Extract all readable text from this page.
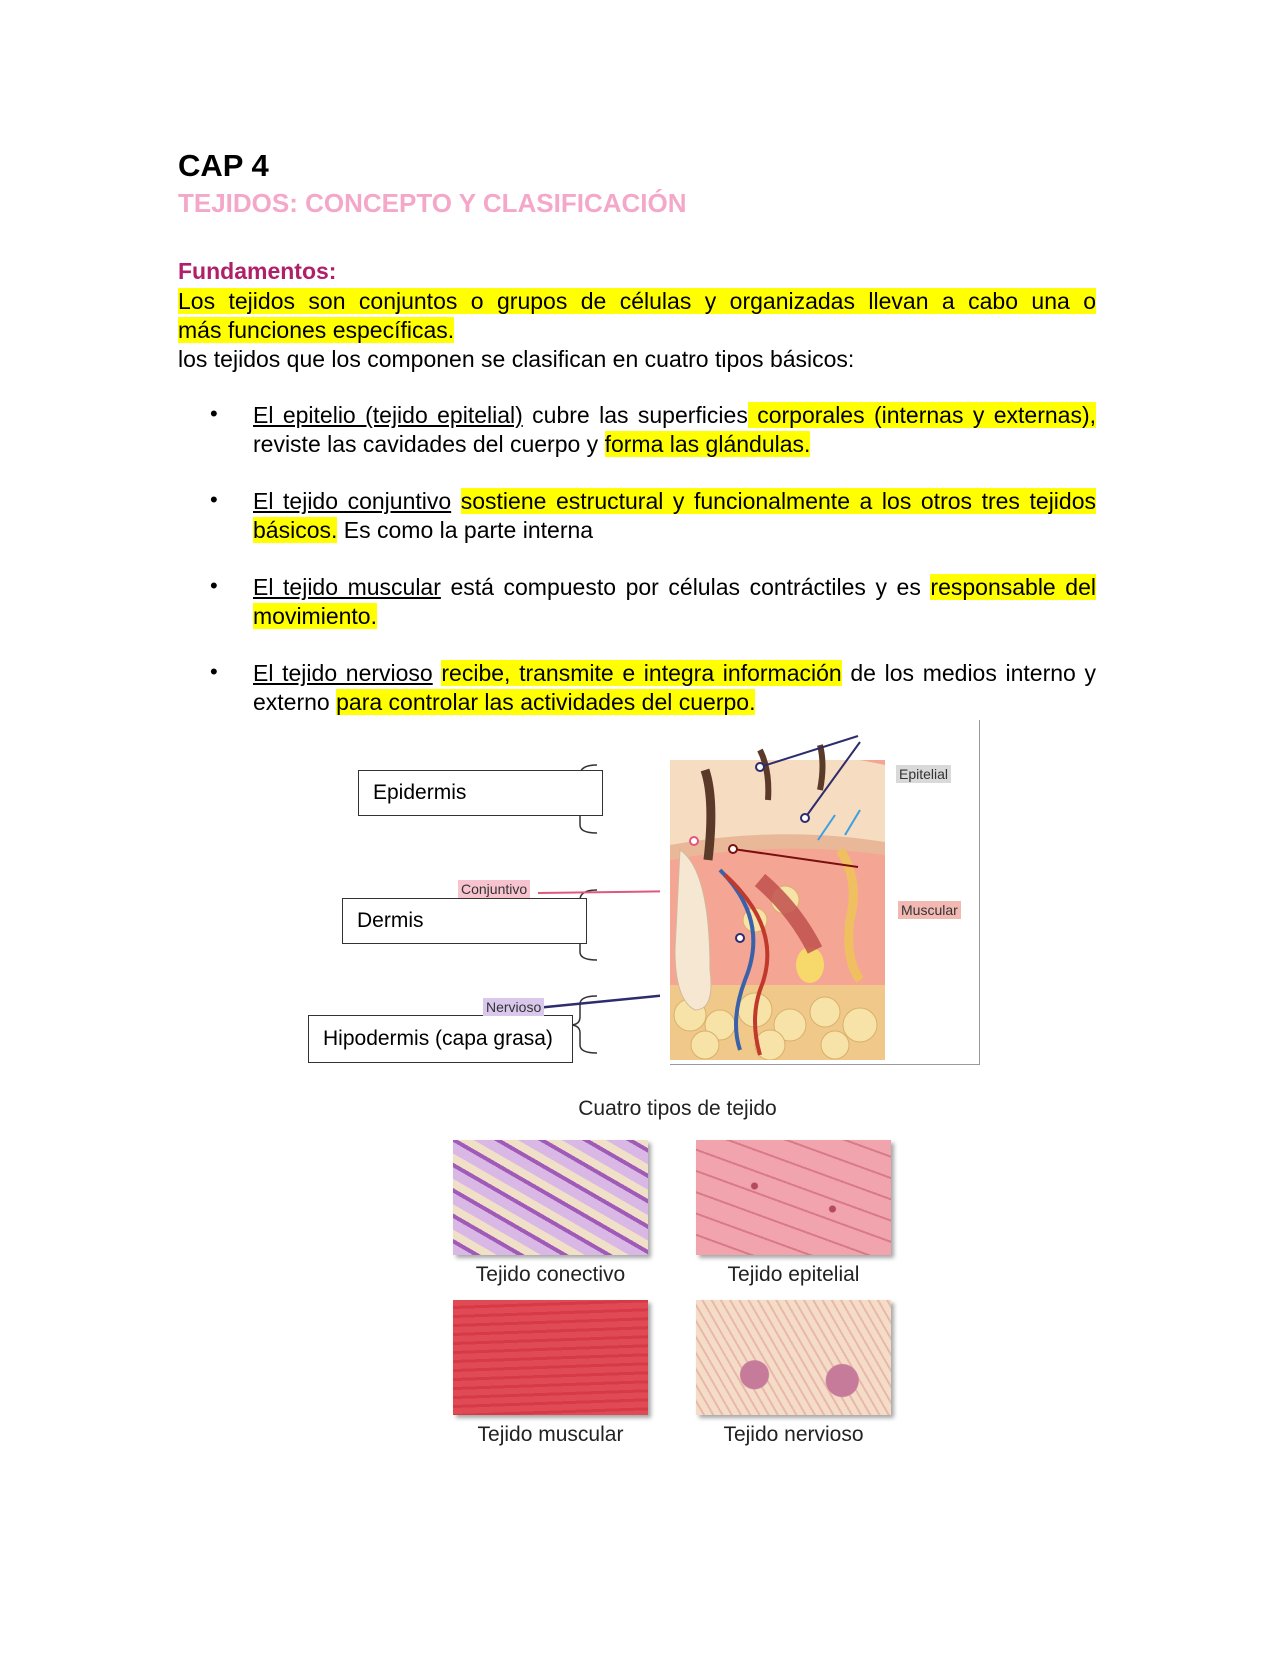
CAP 4
TEJIDOS: CONCEPTO Y CLASIFICACIÓN
Fundamentos:

Los tejidos son conjuntos o grupos de células y organizadas llevan a cabo una o

más funciones específicas.

los tejidos que los componen se clasifican en cuatro tipos básicos:

• El epitelio (tejido epitelial) cubre las superficies corporales (internas y externas), reviste las cavidades del cuerpo y forma las glándulas.

• El tejido conjuntivo sostiene estructural y funcionalmente a los otros tres tejidos básicos. Es como la parte interna

• El tejido muscular está compuesto por células contráctiles y es responsable del movimiento.

• El tejido nervioso recibe, transmite e integra información de los medios interno y externo para controlar las actividades del cuerpo.

Epidermis
Dermis
Hipodermis (capa grasa)
Epitelial
Conjuntivo
Muscular
Nervioso
Cuatro tipos de tejido
Tejido conectivo	Tejido epitelial
Tejido muscular	Tejido nervioso
